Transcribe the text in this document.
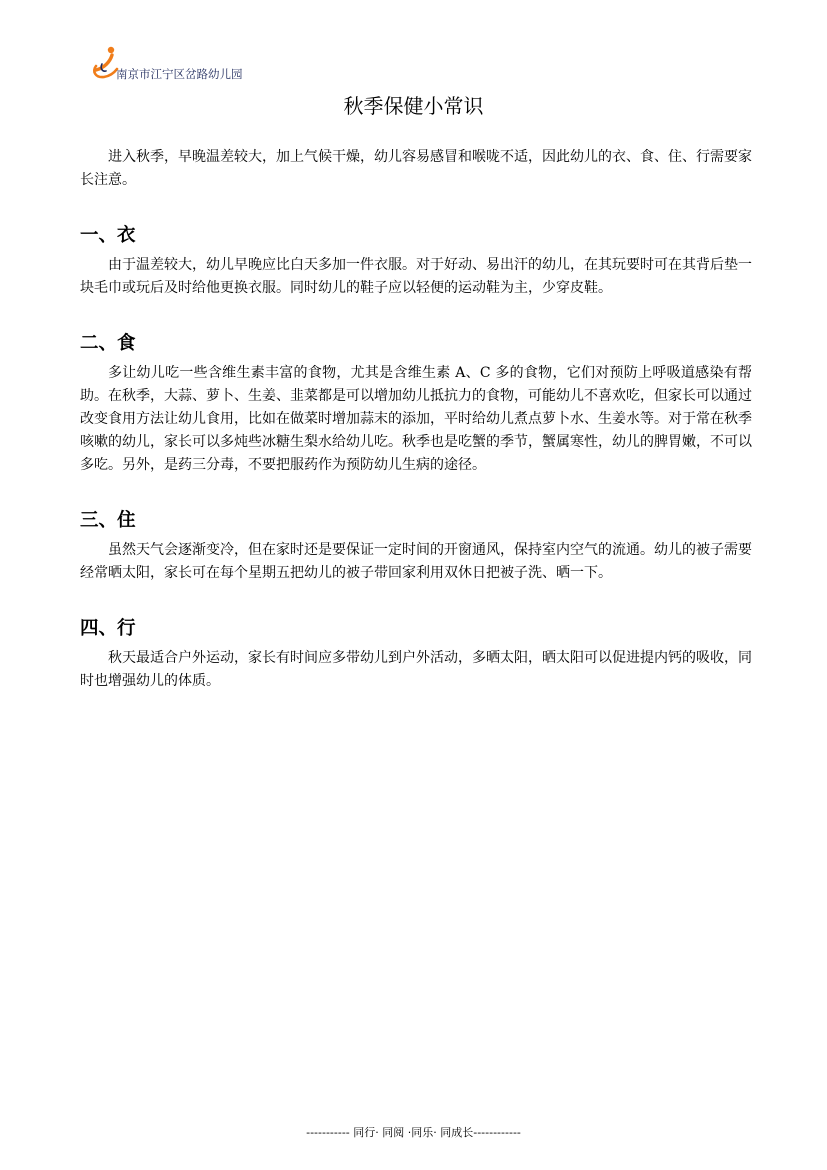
南京市江宁区岔路幼儿园
秋季保健小常识

进入秋季，早晚温差较大，加上气候干燥，幼儿容易感冒和喉咙不适，因此幼儿的衣、食、住、行需要家长注意。

一、衣

由于温差较大，幼儿早晚应比白天多加一件衣服。对于好动、易出汗的幼儿，在其玩要时可在其背后垫一块毛巾或玩后及时给他更换衣服。同时幼儿的鞋子应以轻便的运动鞋为主，少穿皮鞋。

二、食

多让幼儿吃一些含维生素丰富的食物，尤其是含维生素 A、C 多的食物，它们对预防上呼吸道感染有帮助。在秋季，大蒜、萝卜、生姜、韭菜都是可以增加幼儿抵抗力的食物，可能幼儿不喜欢吃，但家长可以通过改变食用方法让幼儿食用，比如在做菜时增加蒜末的添加，平时给幼儿煮点萝卜水、生姜水等。对于常在秋季咳嗽的幼儿，家长可以多炖些冰糖生梨水给幼儿吃。秋季也是吃蟹的季节，蟹属寒性，幼儿的脾胃嫩，不可以多吃。另外，是药三分毒，不要把服药作为预防幼儿生病的途径。

三、住

虽然天气会逐渐变冷，但在家时还是要保证一定时间的开窗通风，保持室内空气的流通。幼儿的被子需要经常晒太阳，家长可在每个星期五把幼儿的被子带回家利用双休日把被子洗、晒一下。

四、行

秋天最适合户外运动，家长有时间应多带幼儿到户外活动，多晒太阳，晒太阳可以促进提内钙的吸收，同时也增强幼儿的体质。

----------- 同行· 同阅 ·同乐· 同成长------------
